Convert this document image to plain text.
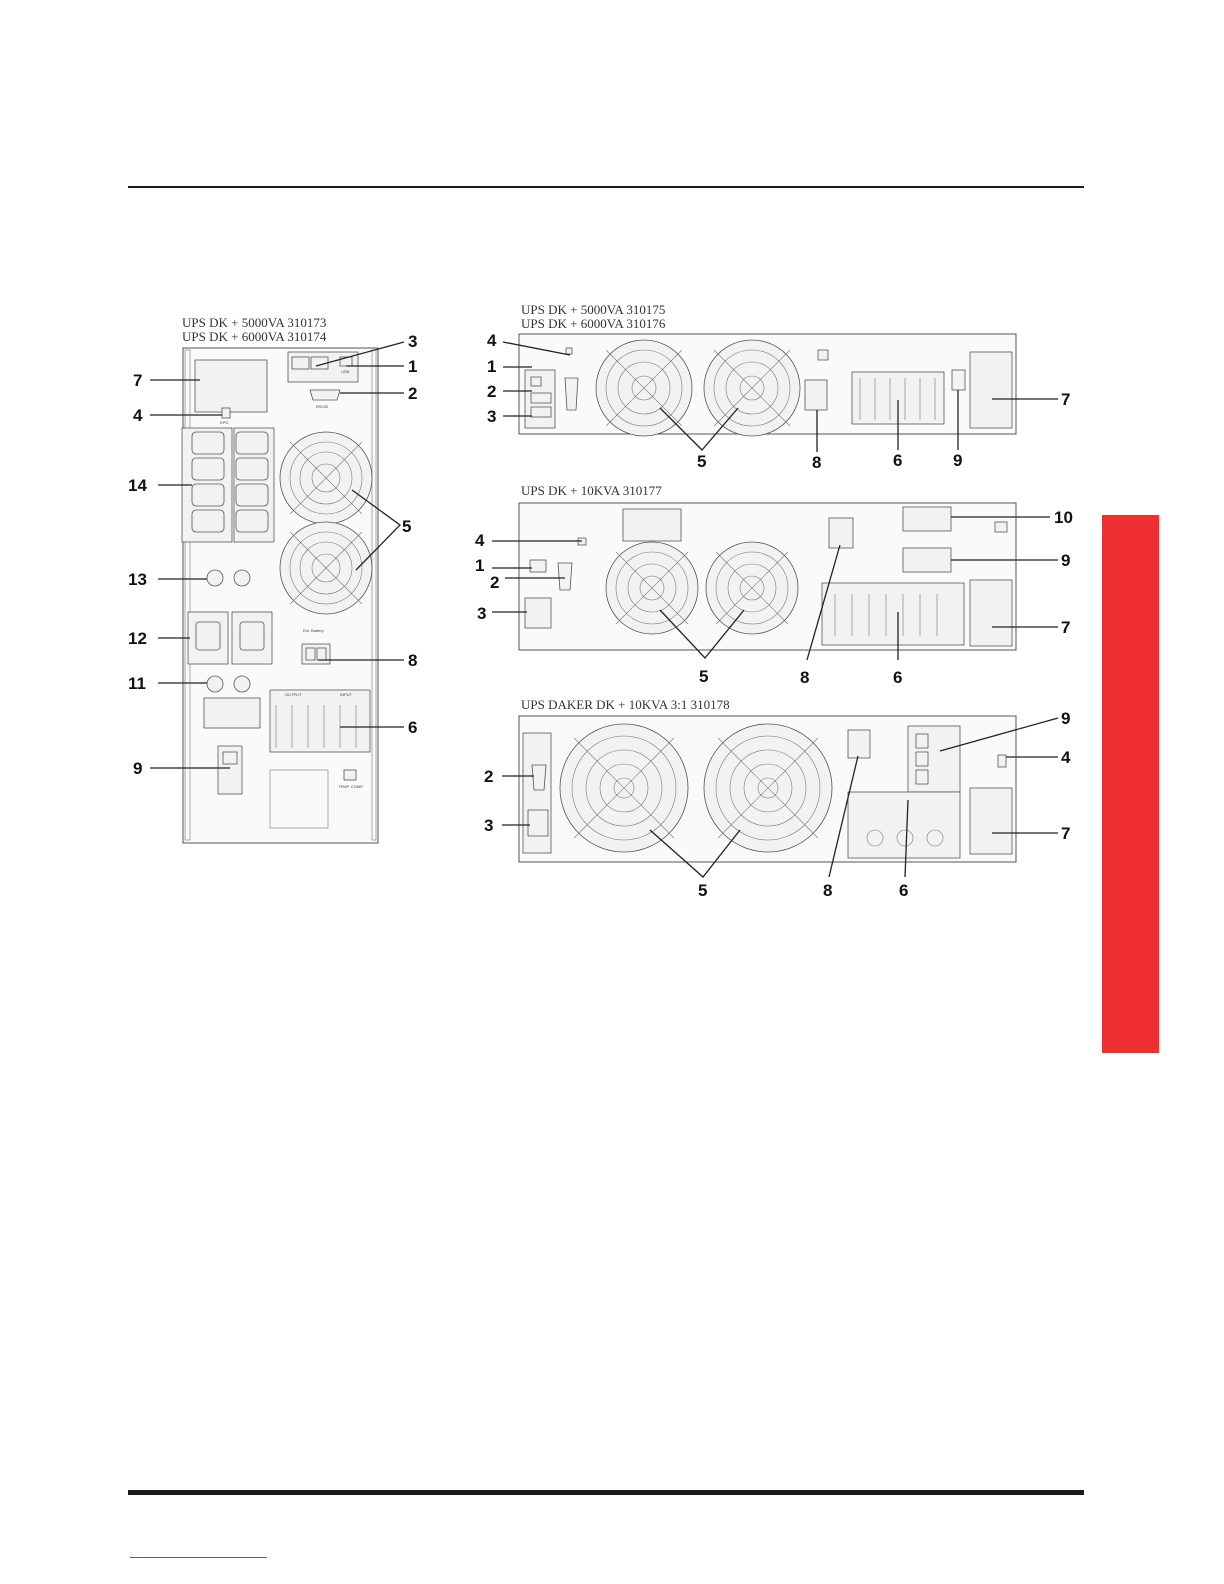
UPS DK + 5000VA 310173
UPS DK + 6000VA 310174
UPS DK + 5000VA 310175
UPS DK + 6000VA 310176
UPS DK + 10KVA 310177
UPS DAKER DK + 10KVA 3:1 310178
USB
RS232
EPO
Ext. Battery
OUTPUT	INPUT
TEMP. COMP.
3
1
7
2
4
14
5
13
12
8
11
6
9
4
1
2
3
5	8	6	9
7
4
1
2
3
5	8	6
10
9
7
2
3
5	8	6
9
4
7
